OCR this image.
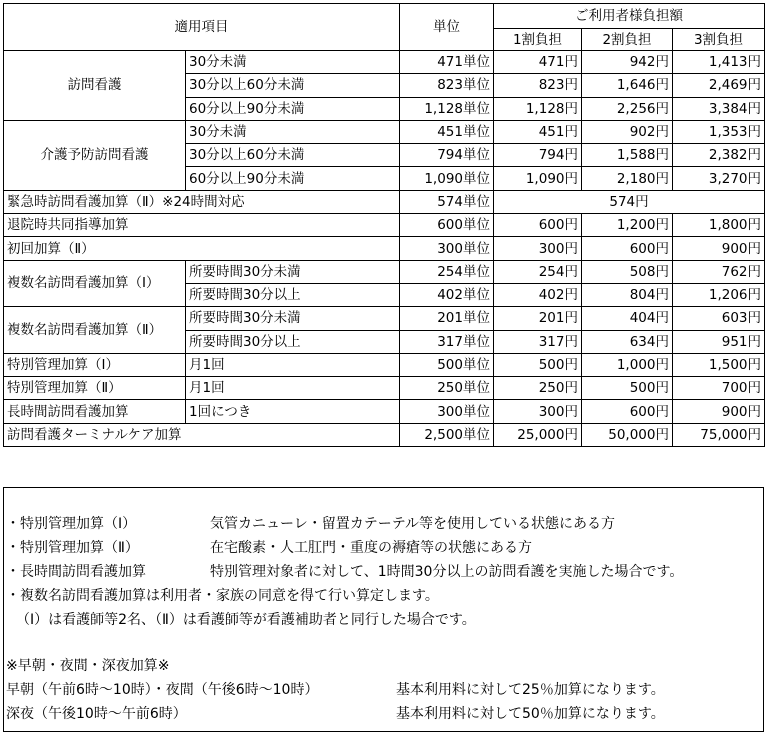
適用項目		単位	ご利用者様負担額		
			1割負担	2割負担	3割負担
訪問看護	30分未満	471単位	471円	942円	1,413円
	30分以上60分未満	823単位	823円	1,646円	2,469円
	60分以上90分未満	1,128単位	1,128円	2,256円	3,384円
介護予防訪問看護	30分未満	451単位	451円	902円	1,353円
	30分以上60分未満	794単位	794円	1,588円	2,382円
	60分以上90分未満	1,090単位	1,090円	2,180円	3,270円
緊急時訪問看護加算（Ⅱ）※24時間対応		574単位	574円		
退院時共同指導加算		600単位	600円	1,200円	1,800円
初回加算（Ⅱ）		300単位	300円	600円	900円
複数名訪問看護加算（Ⅰ）	所要時間30分未満	254単位	254円	508円	762円
	所要時間30分以上	402単位	402円	804円	1,206円
複数名訪問看護加算（Ⅱ）	所要時間30分未満	201単位	201円	404円	603円
	所要時間30分以上	317単位	317円	634円	951円
特別管理加算（Ⅰ）	月1回	500単位	500円	1,000円	1,500円
特別管理加算（Ⅱ）	月1回	250単位	250円	500円	700円
長時間訪問看護加算	1回につき	300単位	300円	600円	900円
訪問看護ターミナルケア加算		2,500単位	25,000円	50,000円	75,000円
・特別管理加算（Ⅰ）	気管カニューレ・留置カテーテル等を使用している状態にある方
・特別管理加算（Ⅱ）	在宅酸素・人工肛門・重度の褥瘡等の状態にある方
・長時間訪問看護加算	特別管理対象者に対して、1時間30分以上の訪問看護を実施した場合です。
・複数名訪問看護加算は利用者・家族の同意を得て行い算定します。
（Ⅰ）は看護師等2名、（Ⅱ）は看護師等が看護補助者と同行した場合です。
※早朝・夜間・深夜加算※
早朝（午前6時～10時）・夜間（午後6時～10時）	基本利用料に対して25％加算になります。
深夜（午後10時～午前6時）	基本利用料に対して50％加算になります。
